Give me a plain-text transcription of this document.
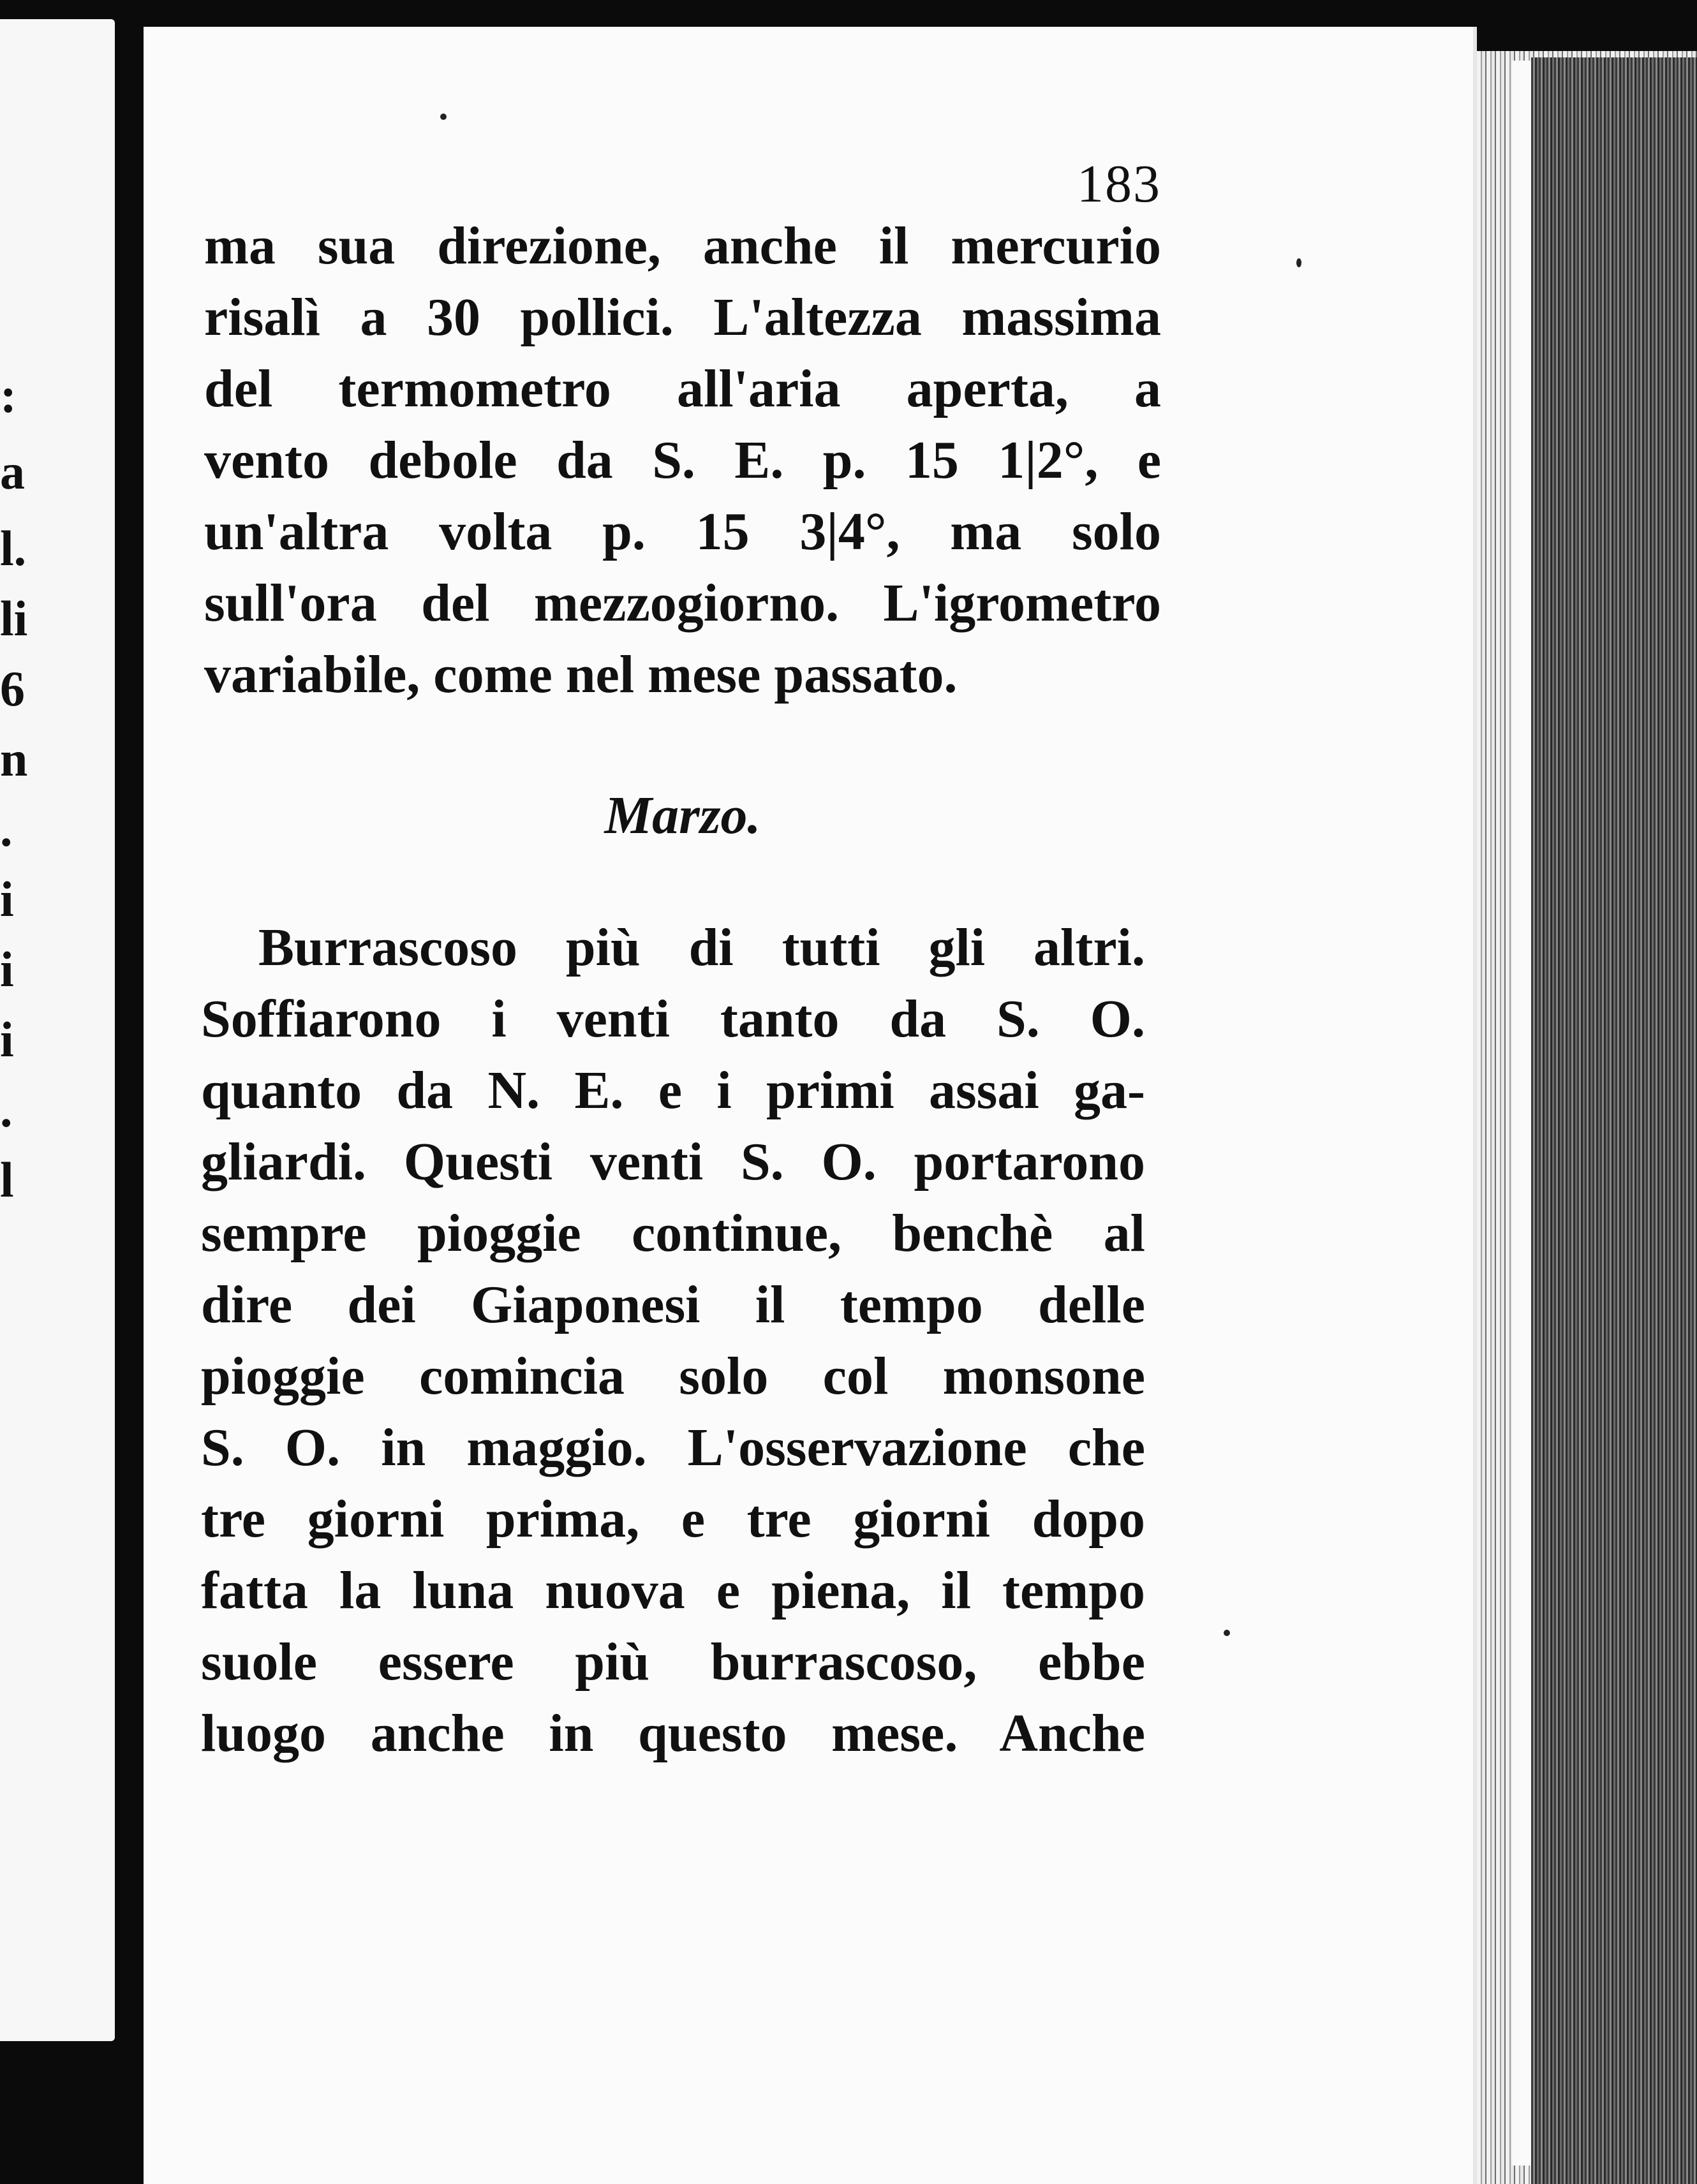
:
a
l.
li
6
n
.
i
i
i
.
l
183
ma sua direzione, anche il mercurio
risalì a 30 pollici. L'altezza massima
del termometro all'aria aperta, a
vento debole da S. E. p. 15 1|2°, e
un'altra volta p. 15 3|4°, ma solo
sull'ora del mezzogiorno. L'igrometro
variabile, come nel mese passato.
Marzo.
Burrascoso più di tutti gli altri.
Soffiarono i venti tanto da S. O.
quanto da N. E. e i primi assai ga-
gliardi. Questi venti S. O. portarono
sempre pioggie continue, benchè al
dire dei Giaponesi il tempo delle
pioggie comincia solo col monsone
S. O. in maggio. L'osservazione che
tre giorni prima, e tre giorni dopo
fatta la luna nuova e piena, il tempo
suole essere più burrascoso, ebbe
luogo anche in questo mese. Anche
